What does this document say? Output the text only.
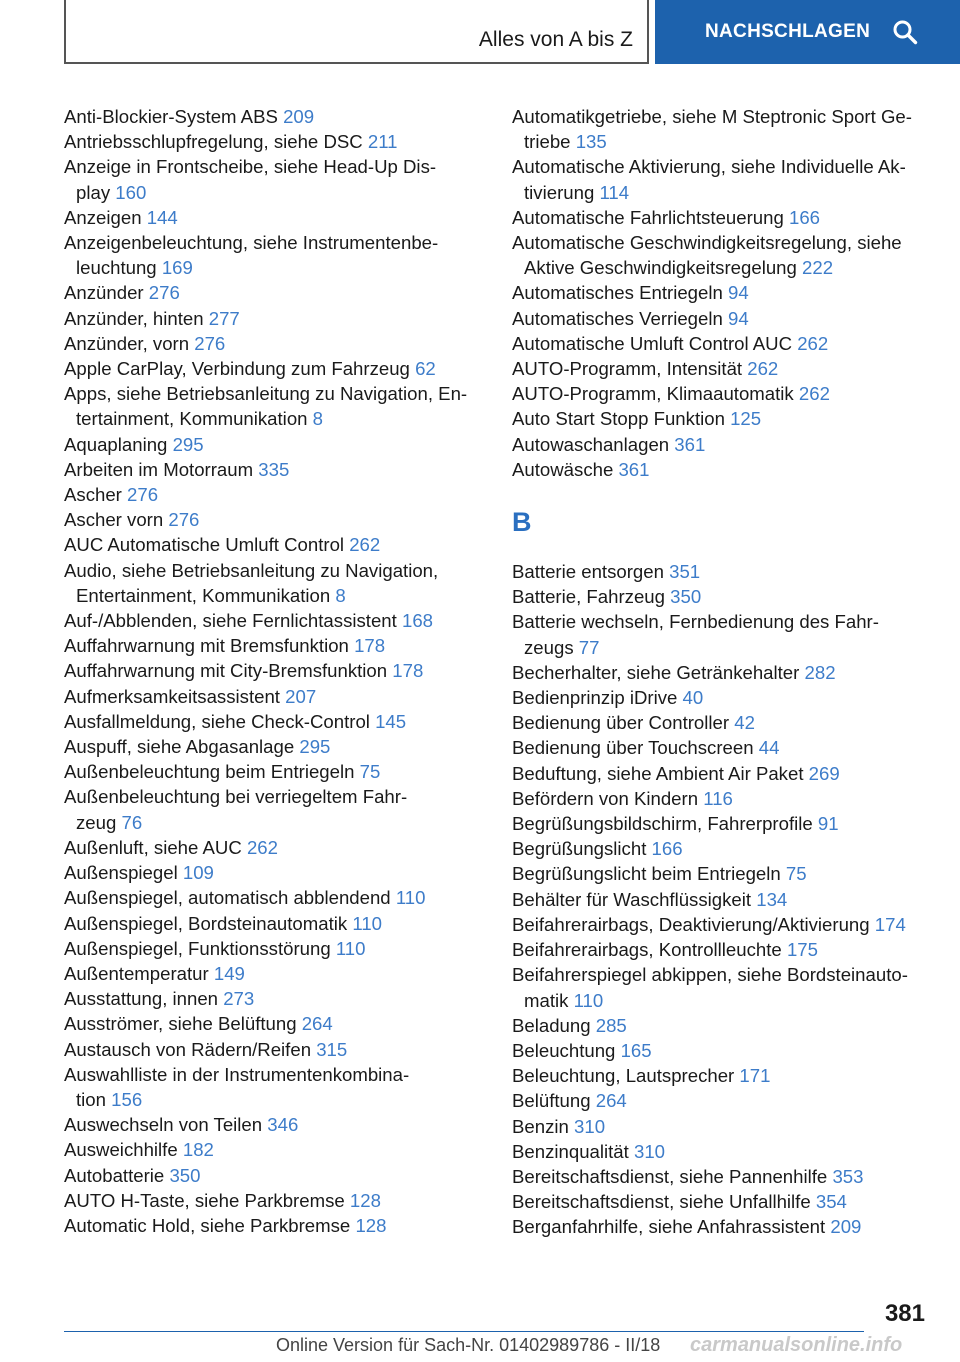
Alles von A bis Z	NACHSCHLAGEN

Anti-Blockier-System ABS 209

Antriebsschlupfregelung, siehe DSC 211

Anzeige in Frontscheibe, siehe Head-Up Dis-
play 160

Anzeigen 144

Anzeigenbeleuchtung, siehe Instrumentenbe-
leuchtung 169

Anzünder 276

Anzünder, hinten 277

Anzünder, vorn 276

Apple CarPlay, Verbindung zum Fahrzeug 62

Apps, siehe Betriebsanleitung zu Navigation, En-
tertainment, Kommunikation 8

Aquaplaning 295

Arbeiten im Motorraum 335

Ascher 276

Ascher vorn 276

AUC Automatische Umluft Control 262

Audio, siehe Betriebsanleitung zu Navigation,
Entertainment, Kommunikation 8

Auf-/Abblenden, siehe Fernlichtassistent 168

Auffahrwarnung mit Bremsfunktion 178

Auffahrwarnung mit City-Bremsfunktion 178

Aufmerksamkeitsassistent 207

Ausfallmeldung, siehe Check-Control 145

Auspuff, siehe Abgasanlage 295

Außenbeleuchtung beim Entriegeln 75

Außenbeleuchtung bei verriegeltem Fahr-
zeug 76

Außenluft, siehe AUC 262

Außenspiegel 109

Außenspiegel, automatisch abblendend 110

Außenspiegel, Bordsteinautomatik 110

Außenspiegel, Funktionsstörung 110

Außentemperatur 149

Ausstattung, innen 273

Ausströmer, siehe Belüftung 264

Austausch von Rädern/Reifen 315

Auswahlliste in der Instrumentenkombina-
tion 156

Auswechseln von Teilen 346

Ausweichhilfe 182

Autobatterie 350

AUTO H-Taste, siehe Parkbremse 128

Automatic Hold, siehe Parkbremse 128

Automatikgetriebe, siehe M Steptronic Sport Ge-
triebe 135

Automatische Aktivierung, siehe Individuelle Ak-
tivierung 114

Automatische Fahrlichtsteuerung 166

Automatische Geschwindigkeitsregelung, siehe
Aktive Geschwindigkeitsregelung 222

Automatisches Entriegeln 94

Automatisches Verriegeln 94

Automatische Umluft Control AUC 262

AUTO-Programm, Intensität 262

AUTO-Programm, Klimaautomatik 262

Auto Start Stopp Funktion 125

Autowaschanlagen 361

Autowäsche 361

B

Batterie entsorgen 351

Batterie, Fahrzeug 350

Batterie wechseln, Fernbedienung des Fahr-
zeugs 77

Becherhalter, siehe Getränkehalter 282

Bedienprinzip iDrive 40

Bedienung über Controller 42

Bedienung über Touchscreen 44

Beduftung, siehe Ambient Air Paket 269

Befördern von Kindern 116

Begrüßungsbildschirm, Fahrerprofile 91

Begrüßungslicht 166

Begrüßungslicht beim Entriegeln 75

Behälter für Waschflüssigkeit 134

Beifahrerairbags, Deaktivierung/Aktivierung 174

Beifahrerairbags, Kontrollleuchte 175

Beifahrerspiegel abkippen, siehe Bordsteinauto-
matik 110

Beladung 285

Beleuchtung 165

Beleuchtung, Lautsprecher 171

Belüftung 264

Benzin 310

Benzinqualität 310

Bereitschaftsdienst, siehe Pannenhilfe 353

Bereitschaftsdienst, siehe Unfallhilfe 354

Berganfahrhilfe, siehe Anfahrassistent 209

381
Online Version für Sach-Nr. 01402989786 - II/18 carmanualsonline.info
